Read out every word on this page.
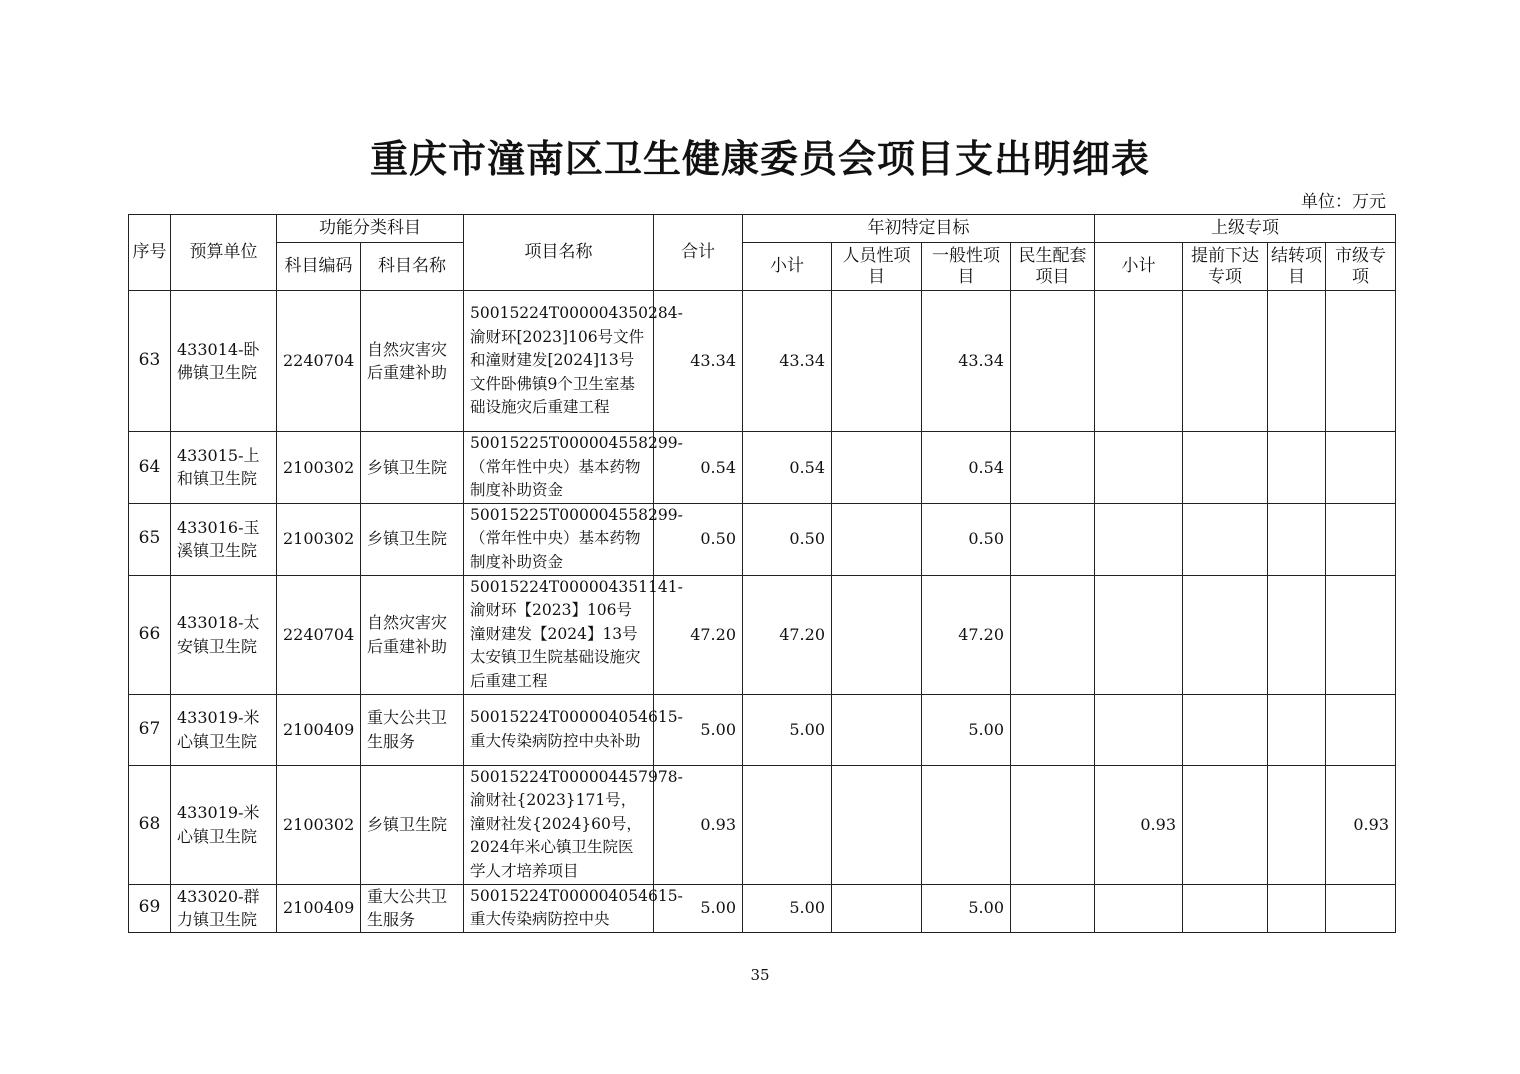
重庆市潼南区卫生健康委员会项目支出明细表
单位：万元
序号	预算单位	功能分类科目		项目名称	合计	年初特定目标				上级专项			
		科目编码	科目名称			小计	人员性项目	一般性项目	民生配套项目	小计	提前下达专项	结转项目	市级专项
63	433014-卧佛镇卫生院	2240704	自然灾害灾后重建补助	50015224T000004350284-渝财环[2023]106号文件和潼财建发[2024]13号文件卧佛镇9个卫生室基础设施灾后重建工程	43.34	43.34		43.34					
64	433015-上和镇卫生院	2100302	乡镇卫生院	50015225T000004558299-（常年性中央）基本药物制度补助资金	0.54	0.54		0.54					
65	433016-玉溪镇卫生院	2100302	乡镇卫生院	50015225T000004558299-（常年性中央）基本药物制度补助资金	0.50	0.50		0.50					
66	433018-太安镇卫生院	2240704	自然灾害灾后重建补助	50015224T000004351141-渝财环【2023】106号潼财建发【2024】13号太安镇卫生院基础设施灾后重建工程	47.20	47.20		47.20					
67	433019-米心镇卫生院	2100409	重大公共卫生服务	50015224T000004054615-重大传染病防控中央补助	5.00	5.00		5.00					
68	433019-米心镇卫生院	2100302	乡镇卫生院	50015224T000004457978-渝财社{2023}171号，潼财社发{2024}60号，2024年米心镇卫生院医学人才培养项目	0.93					0.93			0.93
69	433020-群力镇卫生院	2100409	重大公共卫生服务	50015224T000004054615-重大传染病防控中央	5.00	5.00		5.00					
35
